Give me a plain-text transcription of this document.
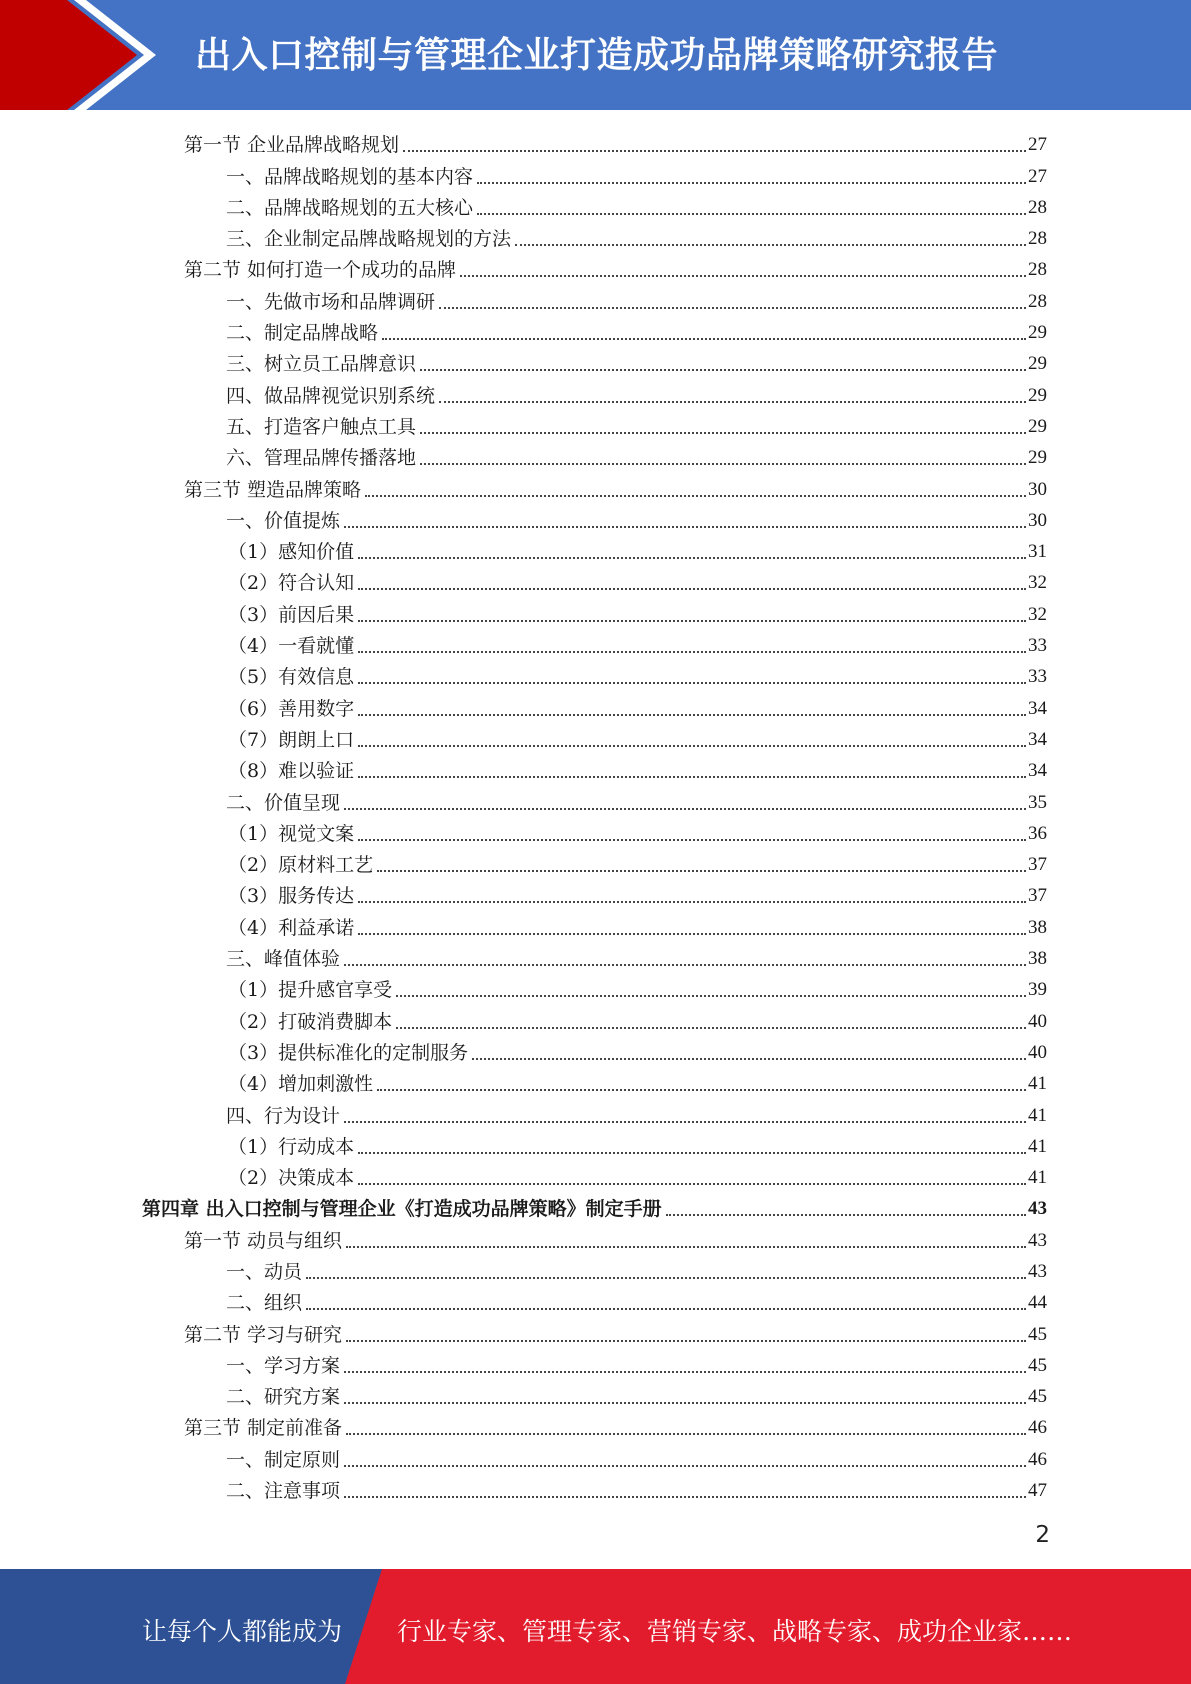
出入口控制与管理企业打造成功品牌策略研究报告
第一节 企业品牌战略规划	27
一、品牌战略规划的基本内容	27
二、品牌战略规划的五大核心	28
三、企业制定品牌战略规划的方法	28
第二节 如何打造一个成功的品牌	28
一、先做市场和品牌调研	28
二、制定品牌战略	29
三、树立员工品牌意识	29
四、做品牌视觉识别系统	29
五、打造客户触点工具	29
六、管理品牌传播落地	29
第三节 塑造品牌策略	30
一、价值提炼	30
（1）感知价值	31
（2）符合认知	32
（3）前因后果	32
（4）一看就懂	33
（5）有效信息	33
（6）善用数字	34
（7）朗朗上口	34
（8）难以验证	34
二、价值呈现	35
（1）视觉文案	36
（2）原材料工艺	37
（3）服务传达	37
（4）利益承诺	38
三、峰值体验	38
（1）提升感官享受	39
（2）打破消费脚本	40
（3）提供标准化的定制服务	40
（4）增加刺激性	41
四、行为设计	41
（1）行动成本	41
（2）决策成本	41
第四章 出入口控制与管理企业《打造成功品牌策略》制定手册	43
第一节 动员与组织	43
一、动员	43
二、组织	44
第二节 学习与研究	45
一、学习方案	45
二、研究方案	45
第三节 制定前准备	46
一、制定原则	46
二、注意事项	47
2
让每个人都能成为 行业专家、管理专家、营销专家、战略专家、成功企业家……
